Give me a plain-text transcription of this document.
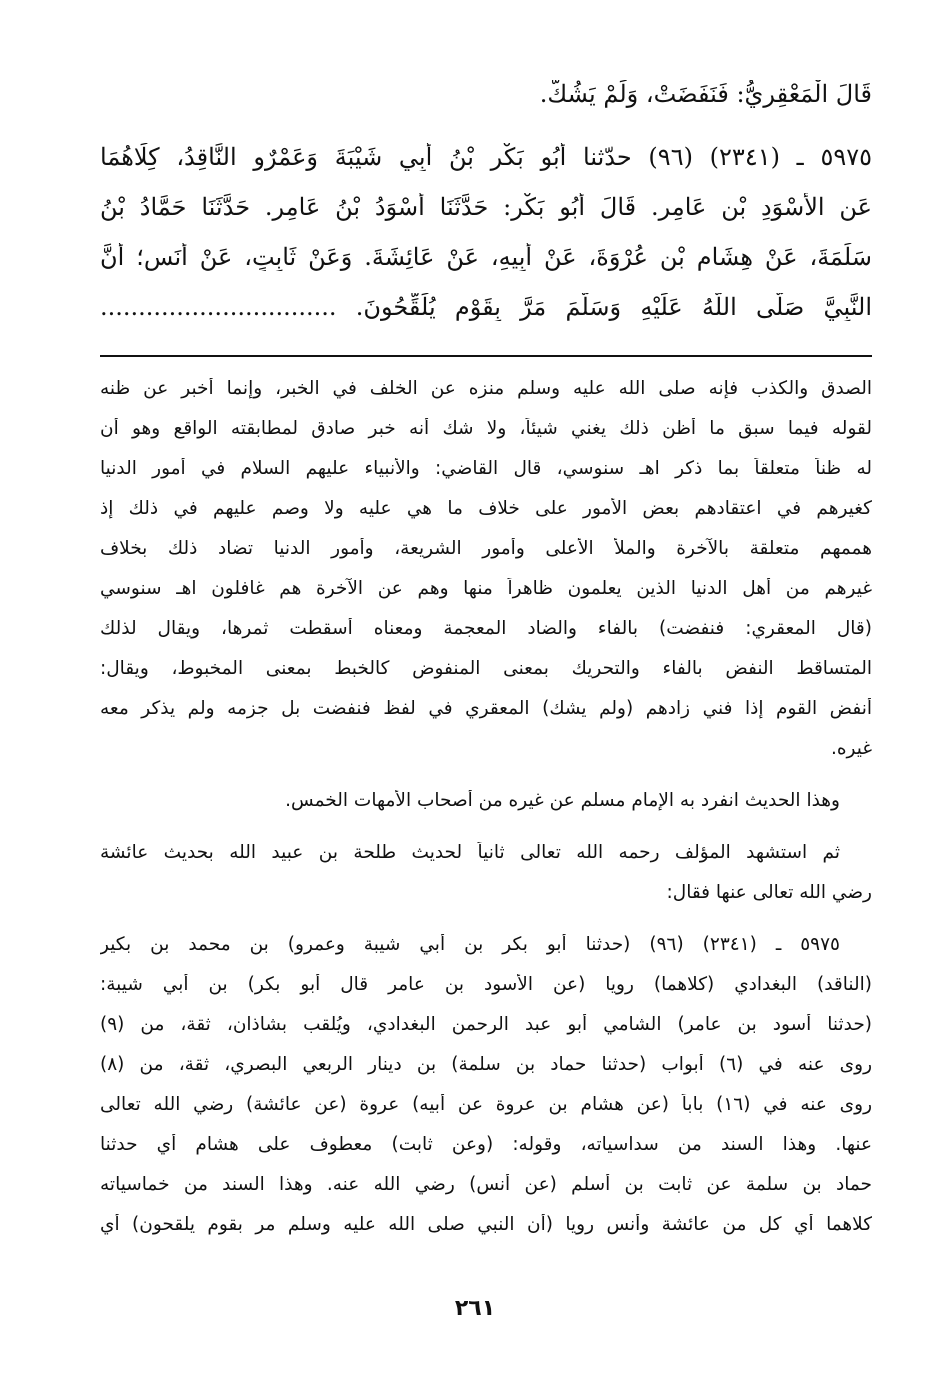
قَالَ الْمَعْقِرِيُّ: فَنَفَضَتْ، وَلَمْ يَشُكَّ.
٥٩٧٥ ـ (٢٣٤١) (٩٦) حدّثنا أَبُو بَكْرِ بْنُ أَبِي شَيْبَةَ وَعَمْرٌو النَّاقِدُ، كِلَاهُمَا
عَنِ الأَسْوَدِ بْنِ عَامِرٍ. قَالَ أَبُو بَكْرٍ: حَدَّثَنَا أَسْوَدُ بْنُ عَامِرٍ. حَدَّثَنَا حَمَّادُ بْنُ
سَلَمَةَ، عَنْ هِشَامِ بْنِ عُرْوَةَ، عَنْ أَبِيهِ، عَنْ عَائِشَةَ. وَعَنْ ثَابِتٍ، عَنْ أَنَسٍ؛ أَنَّ
النَّبِيَّ صَلَّى اللَّهُ عَلَيْهِ وَسَلَّمَ مَرَّ بِقَوْمٍ يُلَقِّحُونَ. ...............................
الصدق والكذب فإنه صلى الله عليه وسلم منزه عن الخلف في الخبر، وإنما أخبر عن ظنه
لقوله فيما سبق ما أظن ذلك يغني شيئاً، ولا شك أنه خبر صادق لمطابقته الواقع وهو أن
له ظناً متعلقاً بما ذكر اهـ سنوسي، قال القاضي: والأنبياء عليهم السلام في أمور الدنيا
كغيرهم في اعتقادهم بعض الأمور على خلاف ما هي عليه ولا وصم عليهم في ذلك إذ
هممهم متعلقة بالآخرة والملأ الأعلى وأمور الشريعة، وأمور الدنيا تضاد ذلك بخلاف
غيرهم من أهل الدنيا الذين يعلمون ظاهراً منها وهم عن الآخرة هم غافلون اهـ سنوسي
(قال المعقري: فنفضت) بالفاء والضاد المعجمة ومعناه أسقطت ثمرها، ويقال لذلك
المتساقط النفض بالفاء والتحريك بمعنى المنفوض كالخبط بمعنى المخبوط، ويقال:
أنفض القوم إذا فني زادهم (ولم يشك) المعقري في لفظ فنفضت بل جزمه ولم يذكر معه
غيره.
وهذا الحديث انفرد به الإمام مسلم عن غيره من أصحاب الأمهات الخمس.
ثم استشهد المؤلف رحمه الله تعالى ثانياً لحديث طلحة بن عبيد الله بحديث عائشة
رضي الله تعالى عنها فقال:
٥٩٧٥ ـ (٢٣٤١) (٩٦) (حدثنا أبو بكر بن أبي شيبة وعمرو) بن محمد بن بكير
(الناقد) البغدادي (كلاهما) رويا (عن الأسود بن عامر قال أبو بكر) بن أبي شيبة:
(حدثنا أسود بن عامر) الشامي أبو عبد الرحمن البغدادي، ويُلقب بشاذان، ثقة، من (٩)
روى عنه في (٦) أبواب (حدثنا حماد بن سلمة) بن دينار الربعي البصري، ثقة، من (٨)
روى عنه في (١٦) باباً (عن هشام بن عروة عن أبيه) عروة (عن عائشة) رضي الله تعالى
عنها. وهذا السند من سداسياته، وقوله: (وعن ثابت) معطوف على هشام أي حدثنا
حماد بن سلمة عن ثابت بن أسلم (عن أنس) رضي الله عنه. وهذا السند من خماسياته
كلاهما أي كل من عائشة وأنس رويا (أن النبي صلى الله عليه وسلم مر بقوم يلقحون) أي
٢٦١
